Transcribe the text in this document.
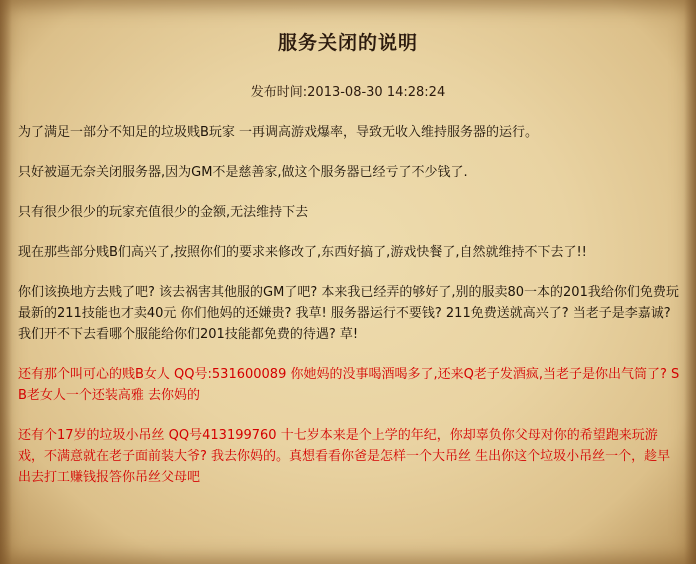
服务关闭的说明
发布时间:2013-08-30 14:28:24

为了满足一部分不知足的垃圾贱B玩家 一再调高游戏爆率，导致无收入维持服务器的运行。

只好被逼无奈关闭服务器,因为GM不是慈善家,做这个服务器已经亏了不少钱了.

只有很少很少的玩家充值很少的金额,无法维持下去

现在那些部分贱B们高兴了,按照你们的要求来修改了,东西好搞了,游戏快餐了,自然就维持不下去了!!

你们该换地方去贱了吧? 该去祸害其他服的GM了吧? 本来我已经弄的够好了,别的服卖80一本的201我给你们免费玩 最新的211技能也才卖40元 你们他妈的还嫌贵? 我草! 服务器运行不要钱? 211免费送就高兴了? 当老子是李嘉诚? 我们开不下去看哪个服能给你们201技能都免费的待遇? 草!

还有那个叫可心的贱B女人 QQ号:531600089 你她妈的没事喝酒喝多了,还来Q老子发酒疯,当老子是你出气筒了? SB老女人一个还装高雅 去你妈的

还有个17岁的垃圾小吊丝 QQ号413199760 十七岁本来是个上学的年纪，你却辜负你父母对你的希望跑来玩游戏，不满意就在老子面前装大爷? 我去你妈的。真想看看你爸是怎样一个大吊丝 生出你这个垃圾小吊丝一个，趁早出去打工赚钱报答你吊丝父母吧
